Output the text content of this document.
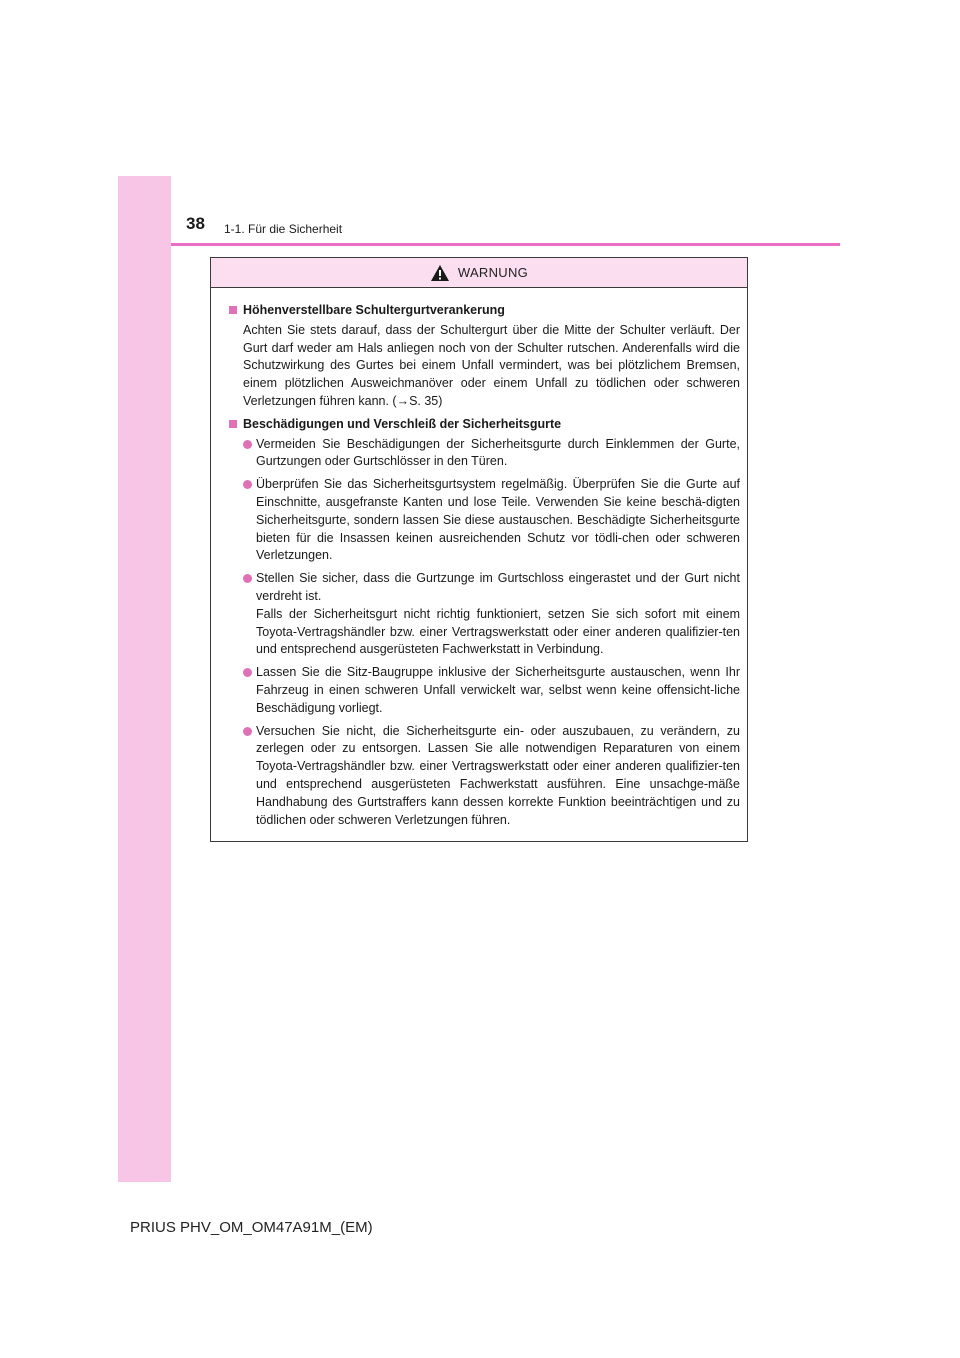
38 1-1. Für die Sicherheit
WARNUNG
Höhenverstellbare Schultergurtverankerung
Achten Sie stets darauf, dass der Schultergurt über die Mitte der Schulter verläuft. Der Gurt darf weder am Hals anliegen noch von der Schulter rutschen. Anderenfalls wird die Schutzwirkung des Gurtes bei einem Unfall vermindert, was bei plötzlichem Bremsen, einem plötzlichen Ausweichmanöver oder einem Unfall zu tödlichen oder schweren Verletzungen führen kann. (→S. 35)
Beschädigungen und Verschleiß der Sicherheitsgurte
Vermeiden Sie Beschädigungen der Sicherheitsgurte durch Einklemmen der Gurte, Gurtzungen oder Gurtschlösser in den Türen.
Überprüfen Sie das Sicherheitsgurtsystem regelmäßig. Überprüfen Sie die Gurte auf Einschnitte, ausgefranste Kanten und lose Teile. Verwenden Sie keine beschä-digten Sicherheitsgurte, sondern lassen Sie diese austauschen. Beschädigte Sicherheitsgurte bieten für die Insassen keinen ausreichenden Schutz vor tödli-chen oder schweren Verletzungen.
Stellen Sie sicher, dass die Gurtzunge im Gurtschloss eingerastet und der Gurt nicht verdreht ist.
Falls der Sicherheitsgurt nicht richtig funktioniert, setzen Sie sich sofort mit einem Toyota-Vertragshändler bzw. einer Vertragswerkstatt oder einer anderen qualifizier-ten und entsprechend ausgerüsteten Fachwerkstatt in Verbindung.
Lassen Sie die Sitz-Baugruppe inklusive der Sicherheitsgurte austauschen, wenn Ihr Fahrzeug in einen schweren Unfall verwickelt war, selbst wenn keine offensicht-liche Beschädigung vorliegt.
Versuchen Sie nicht, die Sicherheitsgurte ein- oder auszubauen, zu verändern, zu zerlegen oder zu entsorgen. Lassen Sie alle notwendigen Reparaturen von einem Toyota-Vertragshändler bzw. einer Vertragswerkstatt oder einer anderen qualifizier-ten und entsprechend ausgerüsteten Fachwerkstatt ausführen. Eine unsachge-mäße Handhabung des Gurtstraffers kann dessen korrekte Funktion beeinträchtigen und zu tödlichen oder schweren Verletzungen führen.
PRIUS PHV_OM_OM47A91M_(EM)
